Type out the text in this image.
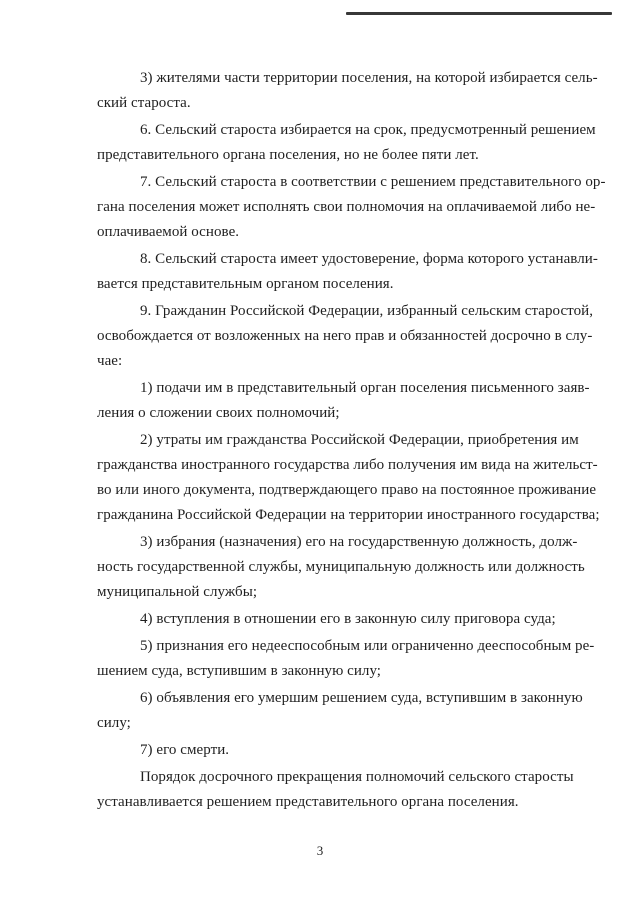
3) жителями части территории поселения, на которой избирается сель-
ский староста.
6. Сельский староста избирается на срок, предусмотренный решением
представительного органа поселения, но не более пяти лет.
7. Сельский староста в соответствии с решением представительного ор-
гана поселения может исполнять свои полномочия на оплачиваемой либо не-
оплачиваемой основе.
8. Сельский староста имеет удостоверение, форма которого устанавли-
вается представительным органом поселения.
9. Гражданин Российской Федерации, избранный сельским старостой,
освобождается от возложенных на него прав и обязанностей досрочно в слу-
чае:
1) подачи им в представительный орган поселения письменного заяв-
ления о сложении своих полномочий;
2) утраты им гражданства Российской Федерации, приобретения им
гражданства иностранного государства либо получения им вида на жительст-
во или иного документа, подтверждающего право на постоянное проживание
гражданина Российской Федерации на территории иностранного государства;
3) избрания (назначения) его на государственную должность, долж-
ность государственной службы, муниципальную должность или должность
муниципальной службы;
4) вступления в отношении его в законную силу приговора суда;
5) признания его недееспособным или ограниченно дееспособным ре-
шением суда, вступившим в законную силу;
6) объявления его умершим решением суда, вступившим в законную
силу;
7) его смерти.
Порядок досрочного прекращения полномочий сельского старосты
устанавливается решением представительного органа поселения.
3
